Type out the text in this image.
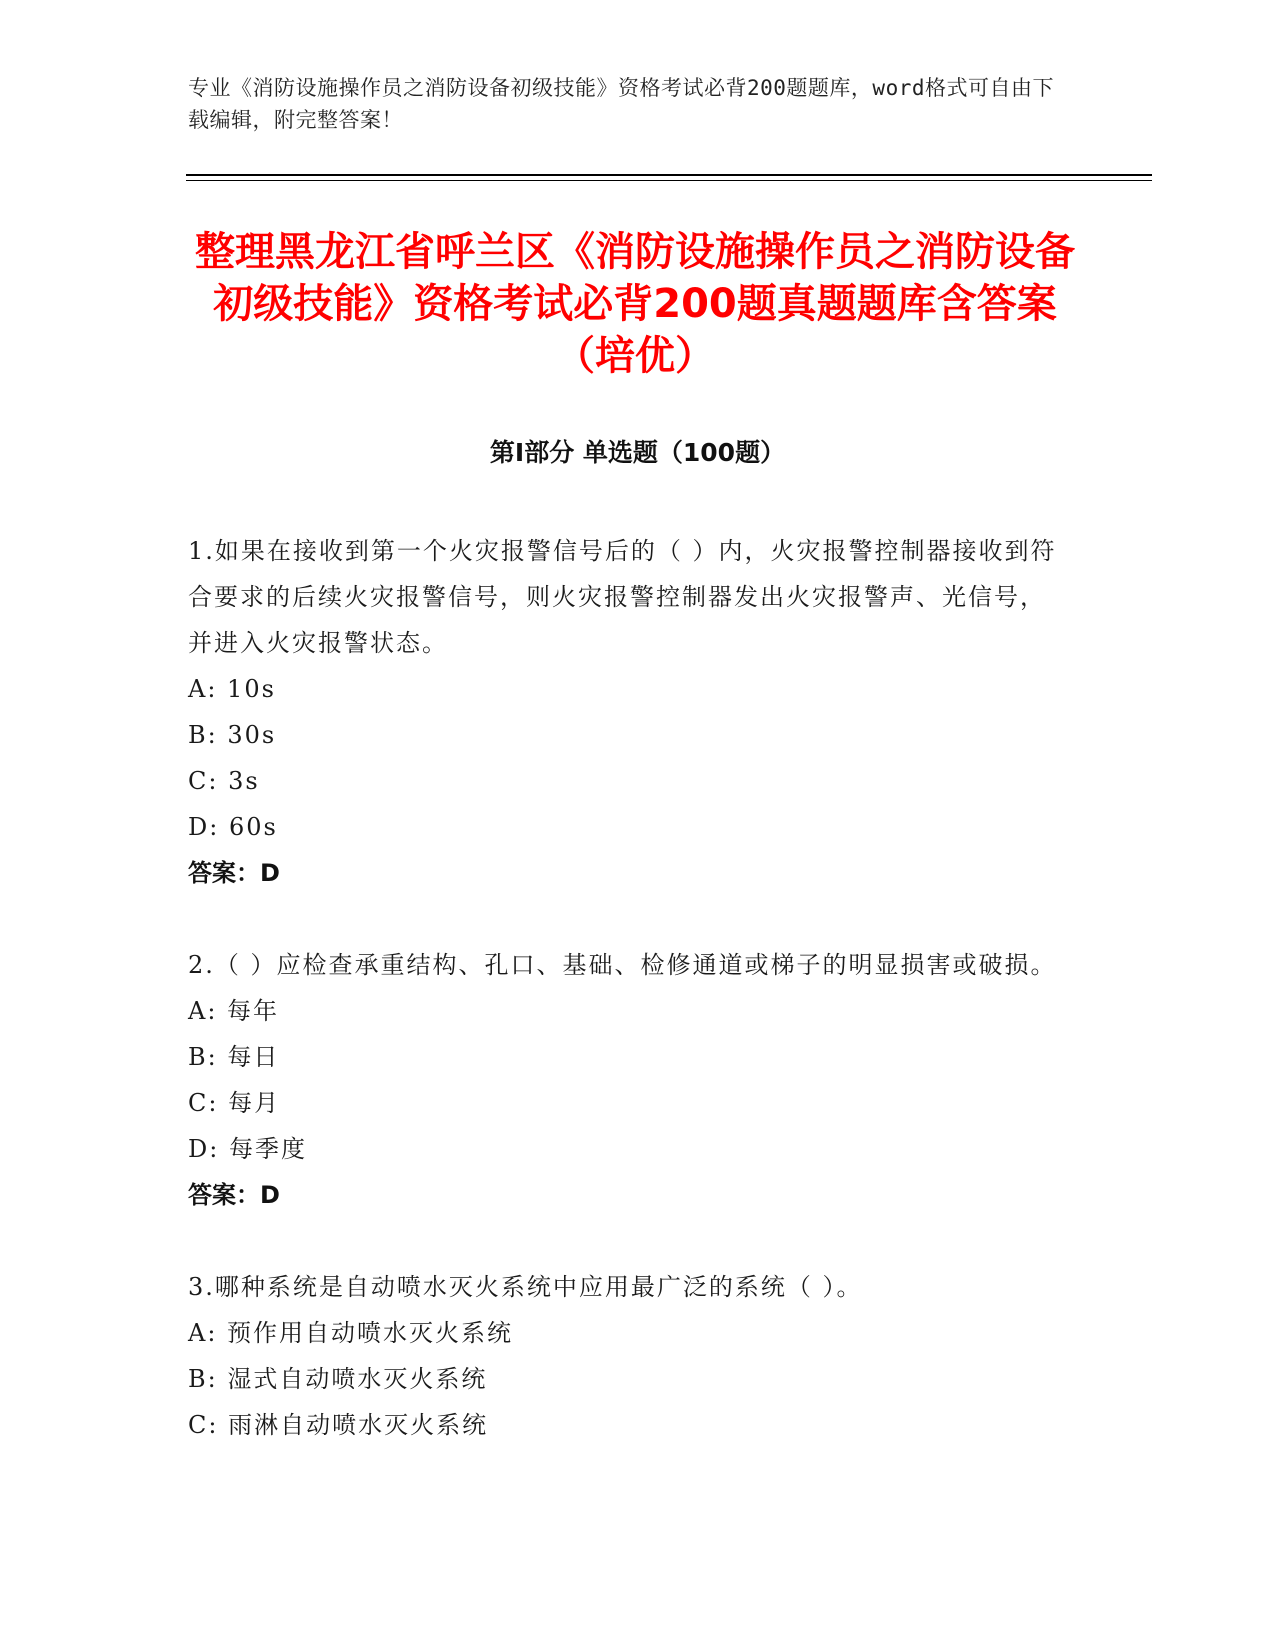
专业《消防设施操作员之消防设备初级技能》资格考试必背200题题库，word格式可自由下载编辑，附完整答案！
整理黑龙江省呼兰区《消防设施操作员之消防设备初级技能》资格考试必背200题真题题库含答案（培优）
第Ⅰ部分 单选题（100题）
1.如果在接收到第一个火灾报警信号后的（ ）内，火灾报警控制器接收到符合要求的后续火灾报警信号，则火灾报警控制器发出火灾报警声、光信号，并进入火灾报警状态。
A: 10s
B: 30s
C: 3s
D: 60s
答案：D
2.（ ）应检查承重结构、孔口、基础、检修通道或梯子的明显损害或破损。
A: 每年
B: 每日
C: 每月
D: 每季度
答案：D
3.哪种系统是自动喷水灭火系统中应用最广泛的系统（ ）。
A: 预作用自动喷水灭火系统
B: 湿式自动喷水灭火系统
C: 雨淋自动喷水灭火系统
